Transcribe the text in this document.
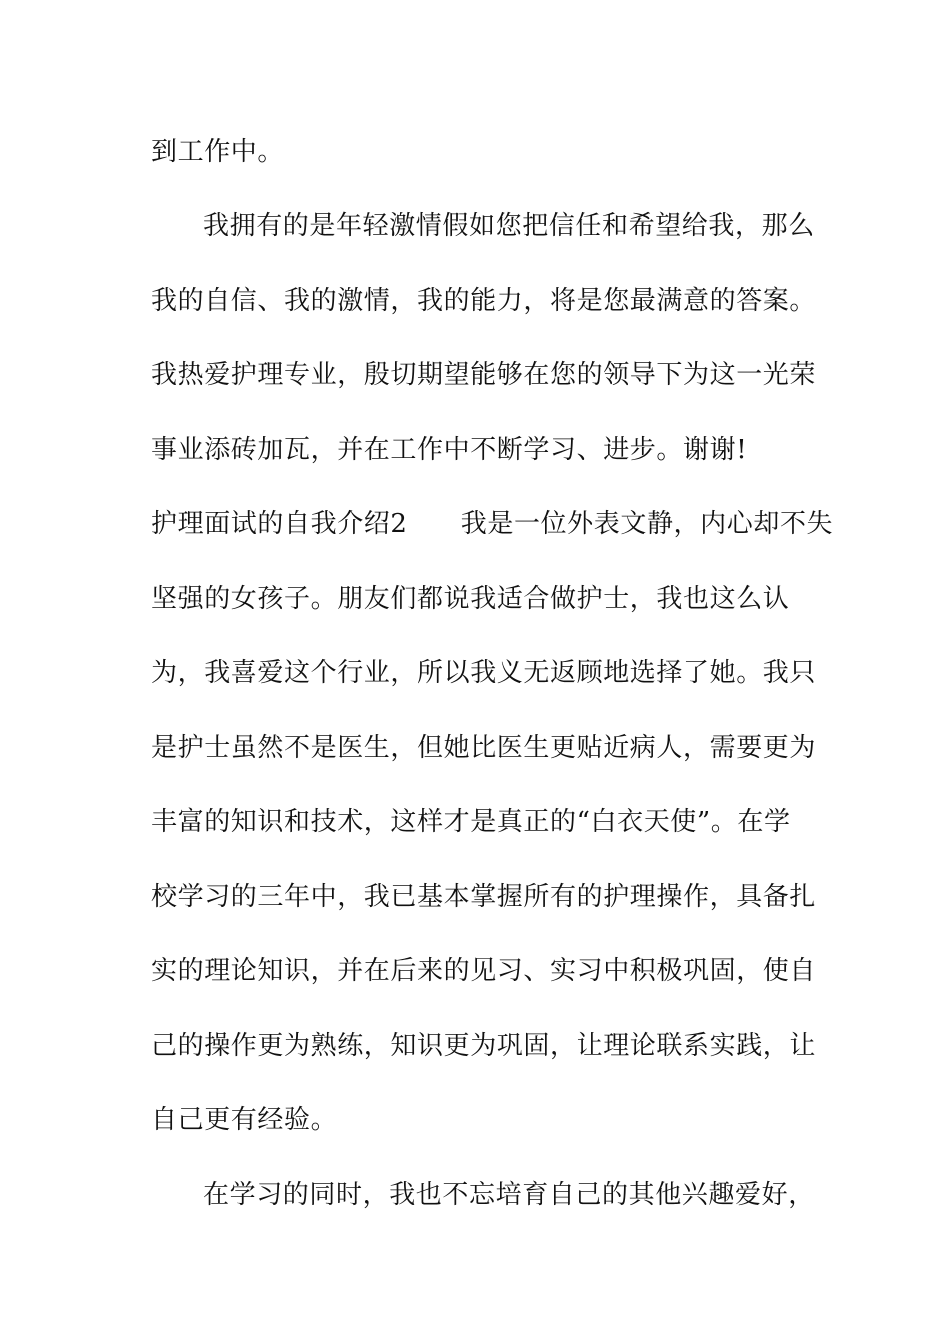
到工作中。
我拥有的是年轻激情假如您把信任和希望给我，那么
我的自信、我的激情，我的能力，将是您最满意的答案。
我热爱护理专业，殷切期望能够在您的领导下为这一光荣
事业添砖加瓦，并在工作中不断学习、进步。谢谢!
护理面试的自我介绍2　　我是一位外表文静，内心却不失
坚强的女孩子。朋友们都说我适合做护士，我也这么认
为，我喜爱这个行业，所以我义无返顾地选择了她。我只
是护士虽然不是医生，但她比医生更贴近病人，需要更为
丰富的知识和技术，这样才是真正的“白衣天使”。在学
校学习的三年中，我已基本掌握所有的护理操作，具备扎
实的理论知识，并在后来的见习、实习中积极巩固，使自
己的操作更为熟练，知识更为巩固，让理论联系实践，让
自己更有经验。
在学习的同时，我也不忘培育自己的其他兴趣爱好，
